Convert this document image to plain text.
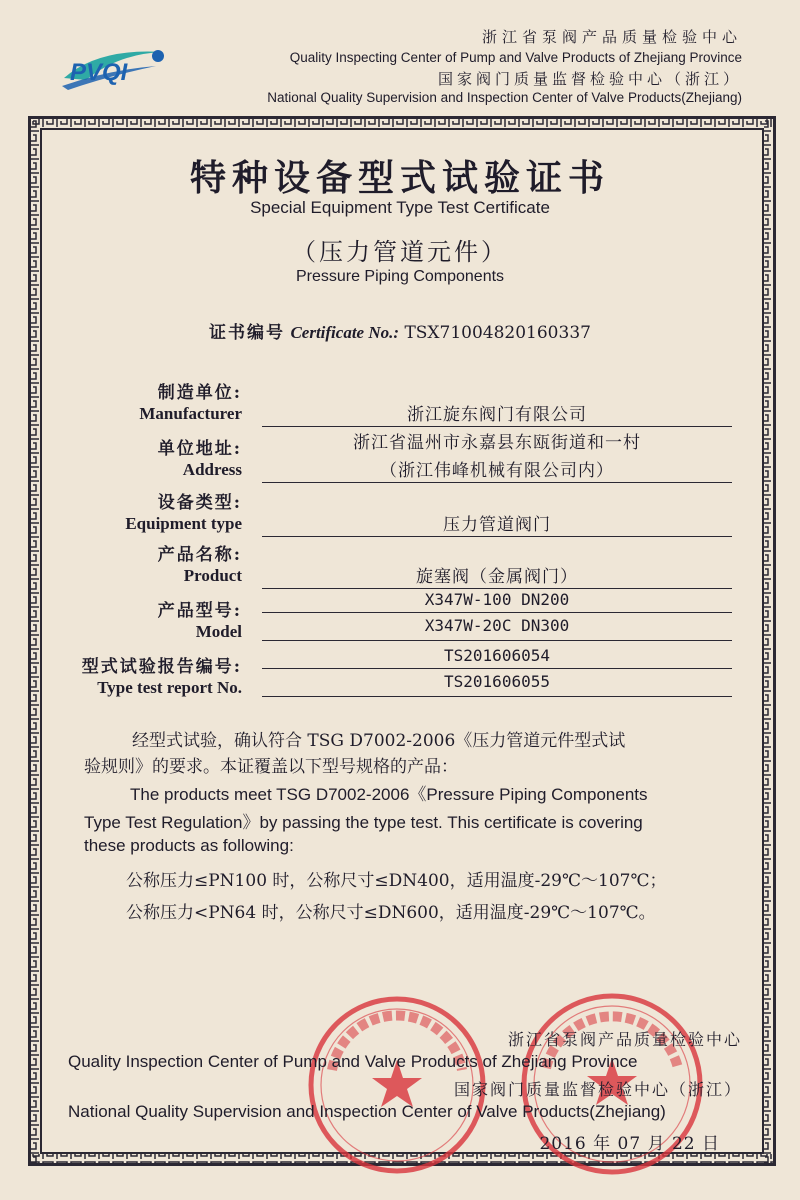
PVQI
浙江省泵阀产品质量检验中心
Quality Inspecting Center of Pump and Valve Products of Zhejiang Province
国家阀门质量监督检验中心（浙江）
National Quality Supervision and Inspection Center of Valve Products(Zhejiang)
特种设备型式试验证书
Special Equipment Type Test Certificate
（压力管道元件）
Pressure Piping Components
证书编号 Certificate No.: TSX71004820160337
制造单位:
Manufacturer	浙江旋东阀门有限公司
单位地址:
Address
浙江省温州市永嘉县东瓯街道和一村
（浙江伟峰机械有限公司内）
设备类型:
Equipment type	压力管道阀门
产品名称:
Product	旋塞阀（金属阀门）
产品型号:
Model
X347W-100 DN200
X347W-20C DN300
型式试验报告编号:
Type test report No.
TS201606054
TS201606055
经型式试验，确认符合 TSG D7002-2006《压力管道元件型式试
验规则》的要求。本证覆盖以下型号规格的产品：
The products meet TSG D7002-2006《Pressure Piping Components
Type Test Regulation》by passing the type test. This certificate is covering
these products as following:
公称压力≤PN100 时，公称尺寸≤DN400，适用温度-29℃～107℃；
公称压力<PN64 时，公称尺寸≤DN600，适用温度-29℃～107℃。
浙江省泵阀产品质量检验中心
Quality Inspection Center of Pump and Valve Products of Zhejiang Province
国家阀门质量监督检验中心（浙江）
National Quality Supervision and Inspection Center of Valve Products(Zhejiang)
2016 年 07 月 22 日
